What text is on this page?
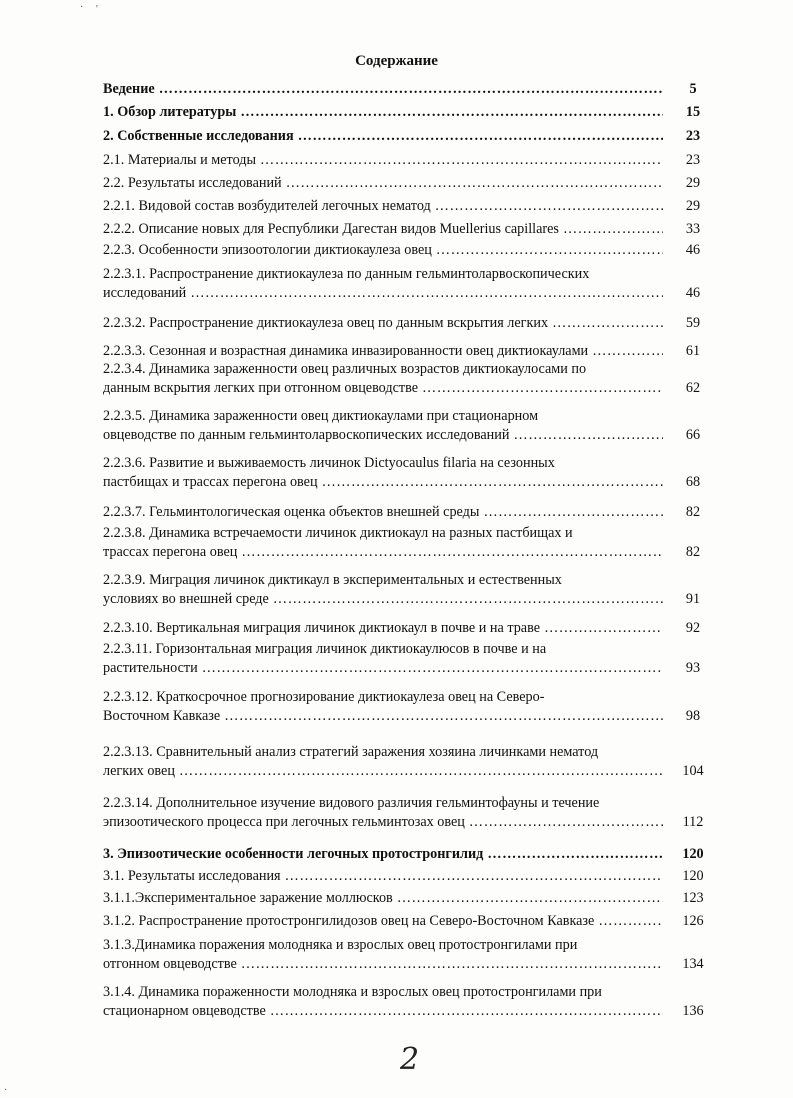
Содержание
Ведение ……………………………………………………………………………………………………………………………………………………………………………………………………………………………………	5
1. Обзор литературы ……………………………………………………………………………………………………………………………………………………………………………………………………………………………………	15
2. Собственные исследования ……………………………………………………………………………………………………………………………………………………………………………………………………………………………………	23
2.1. Материалы и методы ……………………………………………………………………………………………………………………………………………………………………………………………………………………………………	23
2.2. Результаты исследований ……………………………………………………………………………………………………………………………………………………………………………………………………………………………………	29
2.2.1. Видовой состав возбудителей легочных нематод ……………………………………………………………………………………………………………………………………………………………………………………………………………………………………	29
2.2.2. Описание новых для Республики Дагестан видов Muellerius capillares ……………………………………………………………………………………………………………………………………………………………………………………………………………………………………	33
2.2.3. Особенности эпизоотологии диктиокаулеза овец ……………………………………………………………………………………………………………………………………………………………………………………………………………………………………	46
2.2.3.1. Распространение диктиокаулеза по данным гельминтоларвоскопических
исследований ……………………………………………………………………………………………………………………………………………………………………………………………………………………………………	46
2.2.3.2. Распространение диктиокаулеза овец по данным вскрытия легких ……………………………………………………………………………………………………………………………………………………………………………………………………………………………………	59
2.2.3.3. Сезонная и возрастная динамика инвазированности овец диктиокаулами ……………………………………………………………………………………………………………………………………………………………………………………………………………………………………	61
2.2.3.4. Динамика зараженности овец различных возрастов диктиокаулосами по
данным вскрытия легких при отгонном овцеводстве ……………………………………………………………………………………………………………………………………………………………………………………………………………………………………	62
2.2.3.5. Динамика зараженности овец диктиокаулами при стационарном
овцеводстве по данным гельминтоларвоскопических исследований ……………………………………………………………………………………………………………………………………………………………………………………………………………………………………	66
2.2.3.6. Развитие и выживаемость личинок Dictyocaulus filaria на сезонных
пастбищах и трассах перегона овец ……………………………………………………………………………………………………………………………………………………………………………………………………………………………………	68
2.2.3.7. Гельминтологическая оценка объектов внешней среды ……………………………………………………………………………………………………………………………………………………………………………………………………………………………………	82
2.2.3.8. Динамика встречаемости личинок диктиокаул на разных пастбищах и
трассах перегона овец ……………………………………………………………………………………………………………………………………………………………………………………………………………………………………	82
2.2.3.9. Миграция личинок диктикаул в экспериментальных и естественных
условиях во внешней среде ……………………………………………………………………………………………………………………………………………………………………………………………………………………………………	91
2.2.3.10. Вертикальная миграция личинок диктиокаул в почве и на траве ……………………………………………………………………………………………………………………………………………………………………………………………………………………………………	92
2.2.3.11. Горизонтальная миграция личинок диктиокаулюсов в почве и на
растительности ……………………………………………………………………………………………………………………………………………………………………………………………………………………………………	93
2.2.3.12. Краткосрочное прогнозирование диктиокаулеза овец на Северо-
Восточном Кавказе ……………………………………………………………………………………………………………………………………………………………………………………………………………………………………	98
2.2.3.13. Сравнительный анализ стратегий заражения хозяина личинками нематод
легких овец ……………………………………………………………………………………………………………………………………………………………………………………………………………………………………	104
2.2.3.14. Дополнительное изучение видового различия гельминтофауны и течение
эпизоотического процесса при легочных гельминтозах овец ……………………………………………………………………………………………………………………………………………………………………………………………………………………………………	112
3. Эпизоотические особенности легочных протостронгилид ……………………………………………………………………………………………………………………………………………………………………………………………………………………………………	120
3.1. Результаты исследования ……………………………………………………………………………………………………………………………………………………………………………………………………………………………………	120
3.1.1.Экспериментальное заражение моллюсков ……………………………………………………………………………………………………………………………………………………………………………………………………………………………………	123
3.1.2. Распространение протостронгилидозов овец на Северо-Восточном Кавказе ……………………………………………………………………………………………………………………………………………………………………………………………………………………………………	126
3.1.3.Динамика поражения молодняка и взрослых овец протостронгилами при
отгонном овцеводстве ……………………………………………………………………………………………………………………………………………………………………………………………………………………………………	134
3.1.4. Динамика пораженности молодняка и взрослых овец протостронгилами при
стационарном овцеводстве ……………………………………………………………………………………………………………………………………………………………………………………………………………………………………	136
2
· '
·
